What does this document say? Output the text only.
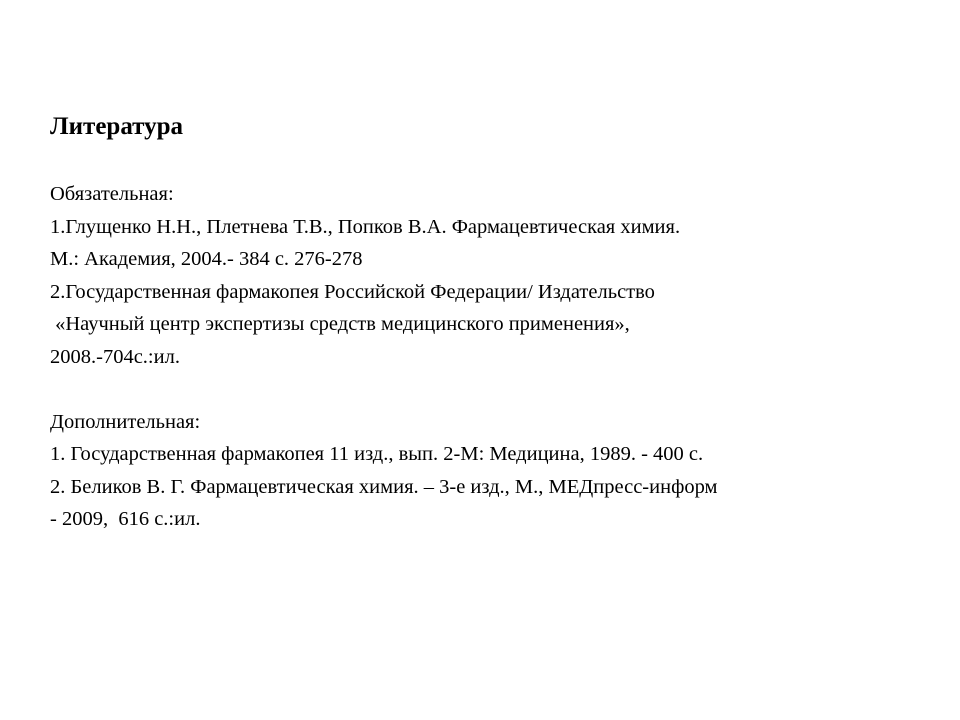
Литература
Обязательная:
1.Глущенко Н.Н., Плетнева Т.В., Попков В.А. Фармацевтическая химия.
М.: Академия, 2004.- 384 с. 276-278
2.Государственная фармакопея Российской Федерации/ Издательство
«Научный центр экспертизы средств медицинского применения»,
2008.-704с.:ил.
Дополнительная:
1. Государственная фармакопея 11 изд., вып. 2-М: Медицина, 1989. - 400 с.
2. Беликов В. Г. Фармацевтическая химия. – 3-е изд., М., МЕДпресс-информ
- 2009,  616 с.:ил.
